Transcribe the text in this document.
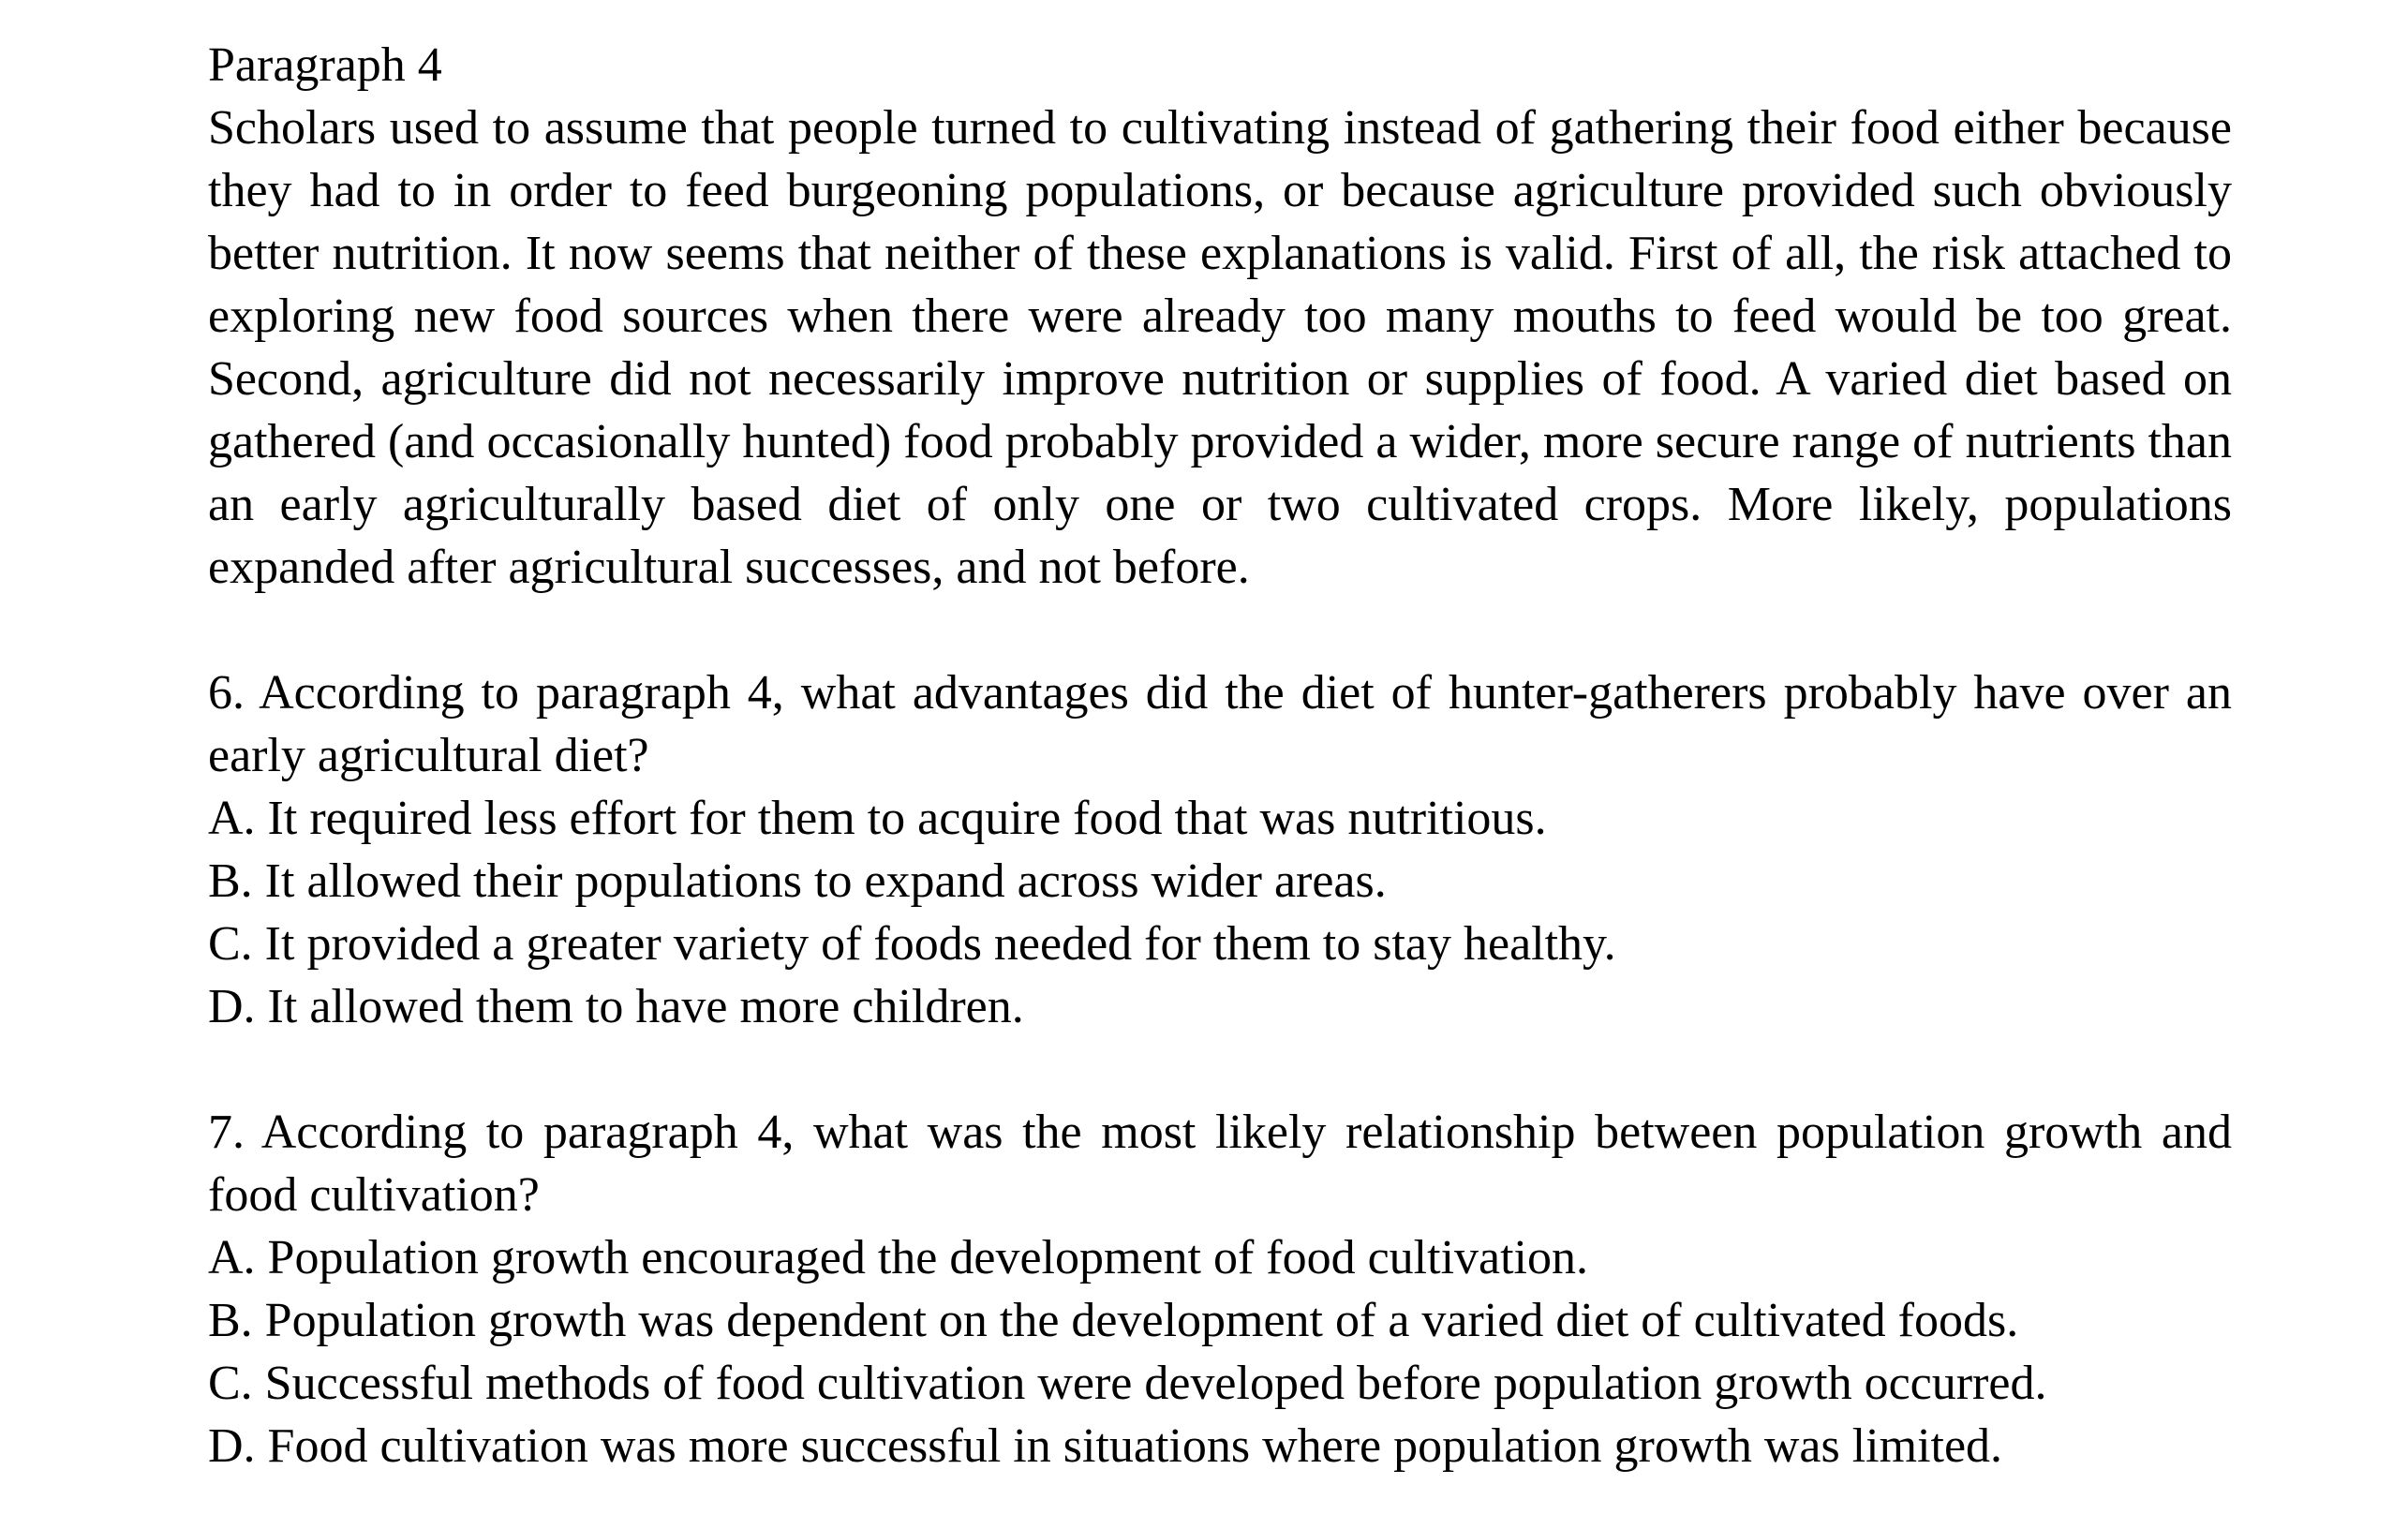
Paragraph 4

Scholars used to assume that people turned to cultivating instead of gathering their food either because they had to in order to feed burgeoning populations, or because agriculture provided such obviously better nutrition. It now seems that neither of these explanations is valid. First of all, the risk attached to exploring new food sources when there were already too many mouths to feed would be too great. Second, agriculture did not necessarily improve nutrition or supplies of food. A varied diet based on gathered (and occasionally hunted) food probably provided a wider, more secure range of nutrients than an early agriculturally based diet of only one or two cultivated crops. More likely, populations expanded after agricultural successes, and not before.

6. According to paragraph 4, what advantages did the diet of hunter-gatherers probably have over an early agricultural diet?

A. It required less effort for them to acquire food that was nutritious.
B. It allowed their populations to expand across wider areas.
C. It provided a greater variety of foods needed for them to stay healthy.
D. It allowed them to have more children.

7. According to paragraph 4, what was the most likely relationship between population growth and food cultivation?

A. Population growth encouraged the development of food cultivation.
B. Population growth was dependent on the development of a varied diet of cultivated foods.
C. Successful methods of food cultivation were developed before population growth occurred.
D. Food cultivation was more successful in situations where population growth was limited.
